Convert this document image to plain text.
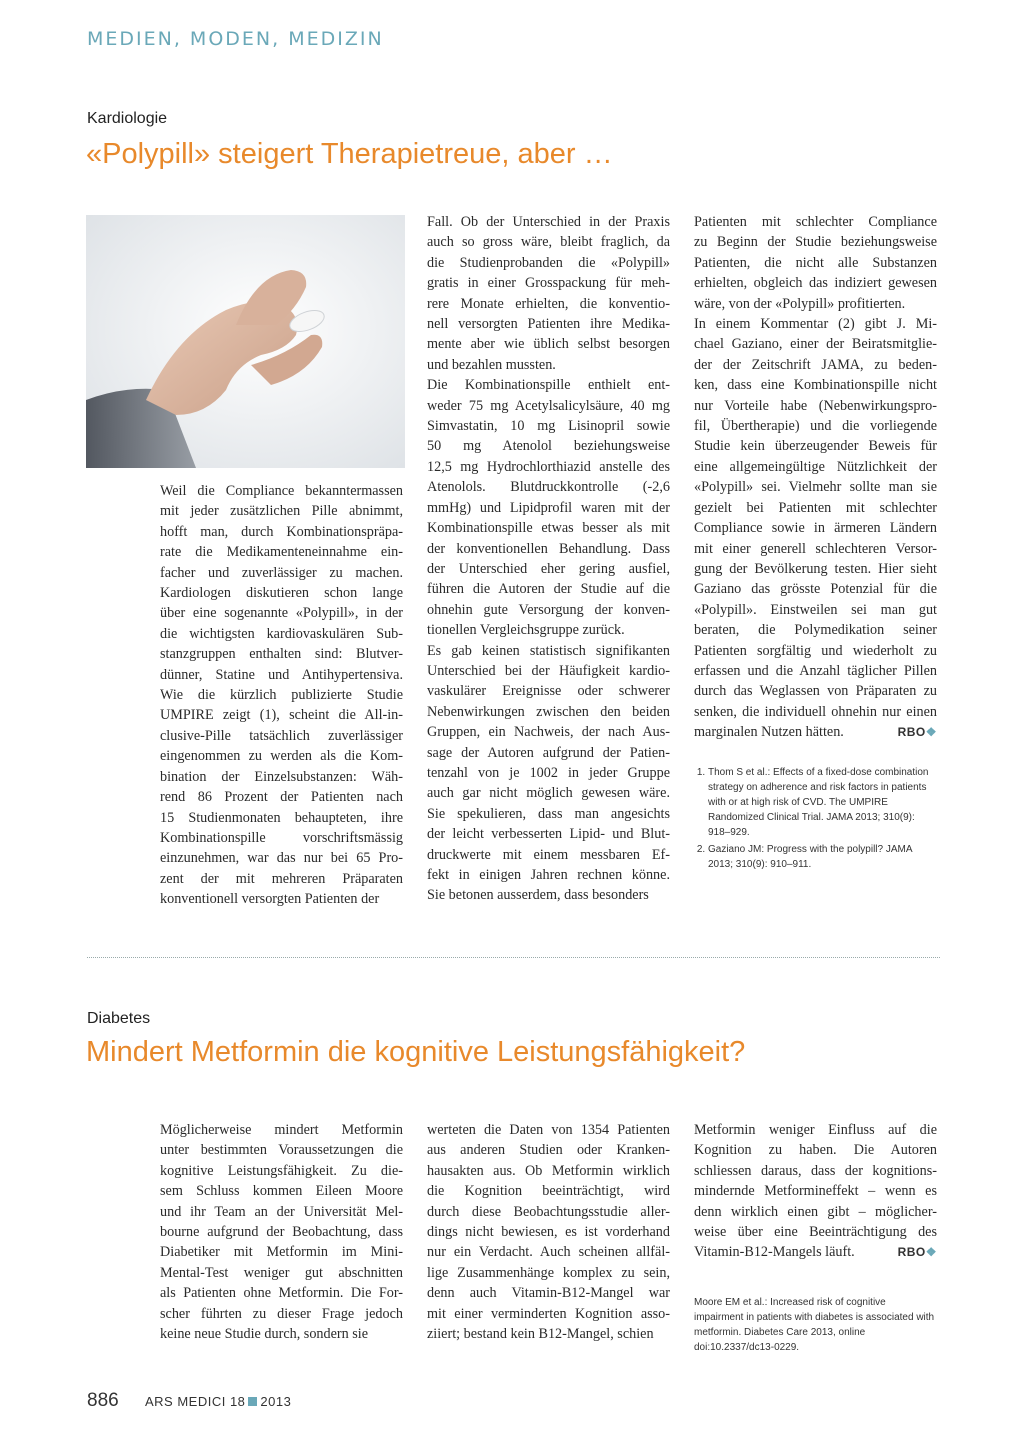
MEDIEN, MODEN, MEDIZIN
Kardiologie
«Polypill» steigert Therapietreue, aber …
Weil die Compliance bekanntermassen
mit jeder zusätzlichen Pille abnimmt,
hofft man, durch Kombinationspräpa-
rate die Medikamenteneinnahme ein-
facher und zuverlässiger zu machen.
Kardiologen diskutieren schon lange
über eine sogenannte «Polypill», in der
die wichtigsten kardiovaskulären Sub-
stanzgruppen enthalten sind: Blutver-
dünner, Statine und Antihypertensiva.
Wie die kürzlich publizierte Studie
UMPIRE zeigt (1), scheint die All-in-
clusive-Pille tatsächlich zuverlässiger
eingenommen zu werden als die Kom-
bination der Einzelsubstanzen: Wäh-
rend 86 Prozent der Patienten nach
15 Studienmonaten behaupteten, ihre
Kombinationspille vorschriftsmässig
einzunehmen, war das nur bei 65 Pro-
zent der mit mehreren Präparaten
konventionell versorgten Patienten der
Fall. Ob der Unterschied in der Praxis
auch so gross wäre, bleibt fraglich, da
die Studienprobanden die «Polypill»
gratis in einer Grosspackung für meh-
rere Monate erhielten, die konventio-
nell versorgten Patienten ihre Medika-
mente aber wie üblich selbst besorgen
und bezahlen mussten.
Die Kombinationspille enthielt ent-
weder 75 mg Acetylsalicylsäure, 40 mg
Simvastatin, 10 mg Lisinopril sowie
50 mg Atenolol beziehungsweise
12,5 mg Hydrochlorthiazid anstelle des
Atenolols. Blutdruckkontrolle (-2,6
mmHg) und Lipidprofil waren mit der
Kombinationspille etwas besser als mit
der konventionellen Behandlung. Dass
der Unterschied eher gering ausfiel,
führen die Autoren der Studie auf die
ohnehin gute Versorgung der konven-
tionellen Vergleichsgruppe zurück.
Es gab keinen statistisch signifikanten
Unterschied bei der Häufigkeit kardio-
vaskulärer Ereignisse oder schwerer
Nebenwirkungen zwischen den beiden
Gruppen, ein Nachweis, der nach Aus-
sage der Autoren aufgrund der Patien-
tenzahl von je 1002 in jeder Gruppe
auch gar nicht möglich gewesen wäre.
Sie spekulieren, dass man angesichts
der leicht verbesserten Lipid- und Blut-
druckwerte mit einem messbaren Ef-
fekt in einigen Jahren rechnen könne.
Sie betonen ausserdem, dass besonders
Patienten mit schlechter Compliance
zu Beginn der Studie beziehungsweise
Patienten, die nicht alle Substanzen
erhielten, obgleich das indiziert gewesen
wäre, von der «Polypill» profitierten.
In einem Kommentar (2) gibt J. Mi-
chael Gaziano, einer der Beiratsmitglie-
der der Zeitschrift JAMA, zu beden-
ken, dass eine Kombinationspille nicht
nur Vorteile habe (Nebenwirkungspro-
fil, Übertherapie) und die vorliegende
Studie kein überzeugender Beweis für
eine allgemeingültige Nützlichkeit der
«Polypill» sei. Vielmehr sollte man sie
gezielt bei Patienten mit schlechter
Compliance sowie in ärmeren Ländern
mit einer generell schlechteren Versor-
gung der Bevölkerung testen. Hier sieht
Gaziano das grösste Potenzial für die
«Polypill». Einstweilen sei man gut
beraten, die Polymedikation seiner
Patienten sorgfältig und wiederholt zu
erfassen und die Anzahl täglicher Pillen
durch das Weglassen von Präparaten zu
senken, die individuell ohnehin nur einen
marginalen Nutzen hätten.	RBO❖
1. Thom S et al.: Effects of a fixed-dose combination strategy on adherence and risk factors in patients with or at high risk of CVD. The UMPIRE Randomized Clinical Trial. JAMA 2013; 310(9): 918–929.
2. Gaziano JM: Progress with the polypill? JAMA 2013; 310(9): 910–911.
Diabetes
Mindert Metformin die kognitive Leistungsfähigkeit?
Möglicherweise mindert Metformin
unter bestimmten Voraussetzungen die
kognitive Leistungsfähigkeit. Zu die-
sem Schluss kommen Eileen Moore
und ihr Team an der Universität Mel-
bourne aufgrund der Beobachtung, dass
Diabetiker mit Metformin im Mini-
Mental-Test weniger gut abschnitten
als Patienten ohne Metformin. Die For-
scher führten zu dieser Frage jedoch
keine neue Studie durch, sondern sie
werteten die Daten von 1354 Patienten
aus anderen Studien oder Kranken-
hausakten aus. Ob Metformin wirklich
die Kognition beeinträchtigt, wird
durch diese Beobachtungsstudie aller-
dings nicht bewiesen, es ist vorderhand
nur ein Verdacht. Auch scheinen allfäl-
lige Zusammenhänge komplex zu sein,
denn auch Vitamin-B12-Mangel war
mit einer verminderten Kognition asso-
ziiert; bestand kein B12-Mangel, schien
Metformin weniger Einfluss auf die
Kognition zu haben. Die Autoren
schliessen daraus, dass der kognitions-
mindernde Metformineffekt – wenn es
denn wirklich einen gibt – möglicher-
weise über eine Beeinträchtigung des
Vitamin-B12-Mangels läuft.	RBO❖
Moore EM et al.: Increased risk of cognitive impairment in patients with diabetes is associated with metformin. Diabetes Care 2013, online doi:10.2337/dc13-0229.
886 ARS MEDICI 18 2013
